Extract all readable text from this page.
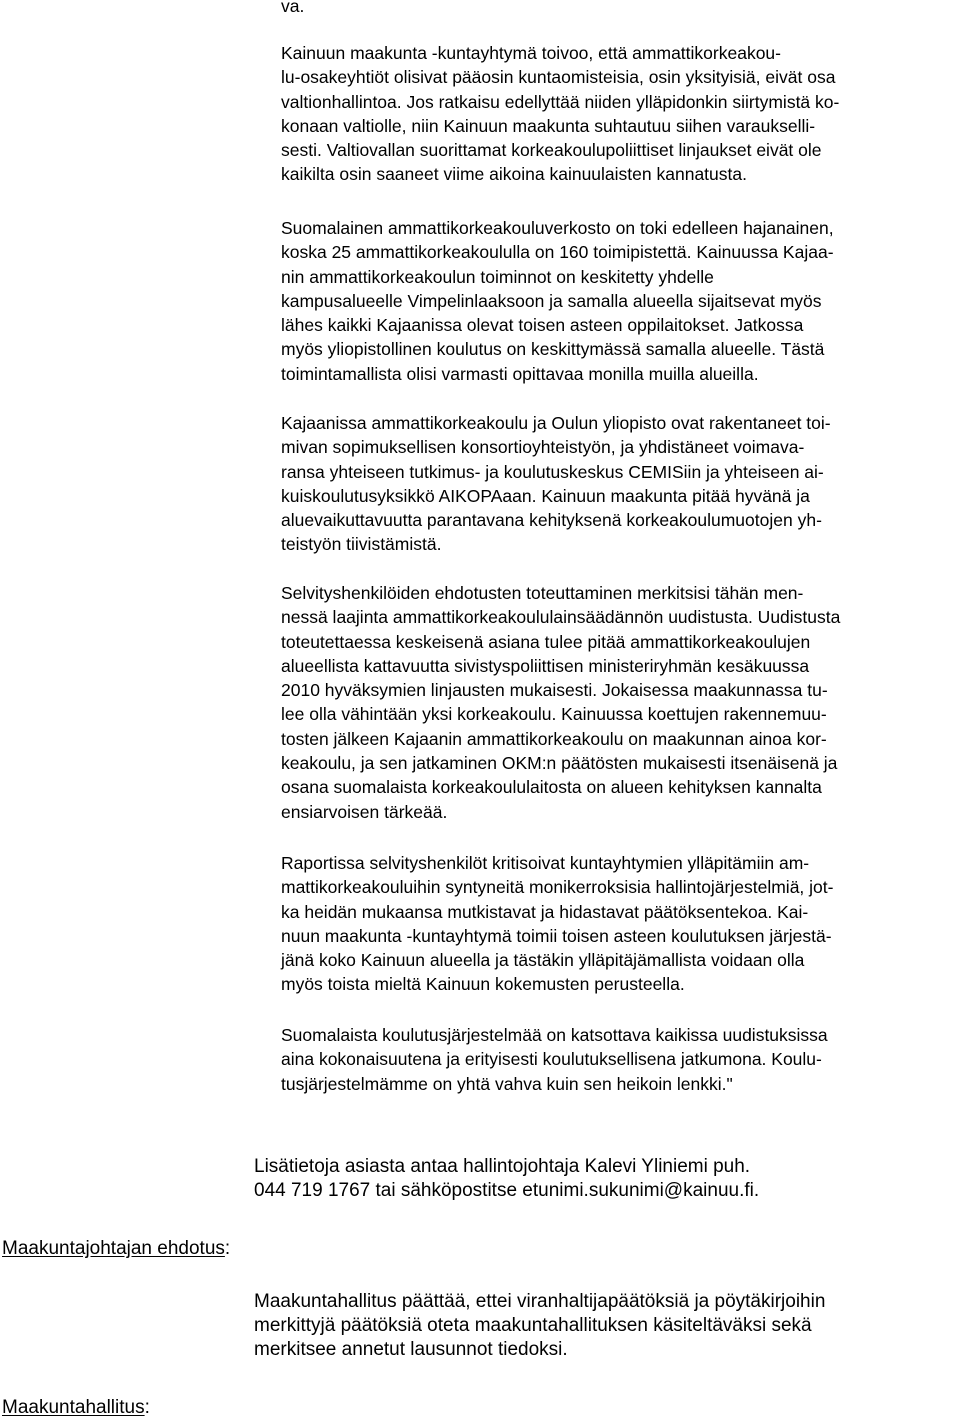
va.
Kainuun maakunta -kuntayhtymä toivoo, että ammattikorkeakou-
lu-osakeyhtiöt olisivat pääosin kuntaomisteisia, osin yksityisiä, eivät osa
valtionhallintoa. Jos ratkaisu edellyttää niiden ylläpidonkin siirtymistä ko-
konaan valtiolle, niin Kainuun maakunta suhtautuu siihen varaukselli-
sesti. Valtiovallan suorittamat korkeakoulupoliittiset linjaukset eivät ole
kaikilta osin saaneet viime aikoina kainuulaisten kannatusta.
Suomalainen ammattikorkeakouluverkosto on toki edelleen hajanainen,
koska 25 ammattikorkeakoululla on 160 toimipistettä. Kainuussa Kajaa-
nin ammattikorkeakoulun toiminnot on keskitetty yhdelle
kampusalueelle Vimpelinlaaksoon ja samalla alueella sijaitsevat myös
lähes kaikki Kajaanissa olevat toisen asteen oppilaitokset. Jatkossa
myös yliopistollinen koulutus on keskittymässä samalla alueelle. Tästä
toimintamallista olisi varmasti opittavaa monilla muilla alueilla.
Kajaanissa ammattikorkeakoulu ja Oulun yliopisto ovat rakentaneet toi-
mivan sopimuksellisen konsortioyhteistyön, ja yhdistäneet voimava-
ransa yhteiseen tutkimus- ja koulutuskeskus CEMISiin ja yhteiseen ai-
kuiskoulutusyksikkö AIKOPAaan. Kainuun maakunta pitää hyvänä ja
aluevaikuttavuutta parantavana kehityksenä korkeakoulumuotojen yh-
teistyön tiivistämistä.
Selvityshenkilöiden ehdotusten toteuttaminen merkitsisi tähän men-
nessä laajinta ammattikorkeakoululainsäädännön uudistusta. Uudistusta
toteutettaessa keskeisenä asiana tulee pitää ammattikorkeakoulujen
alueellista kattavuutta sivistyspoliittisen ministeriryhmän kesäkuussa
2010 hyväksymien linjausten mukaisesti. Jokaisessa maakunnassa tu-
lee olla vähintään yksi korkeakoulu. Kainuussa koettujen rakennemuu-
tosten jälkeen Kajaanin ammattikorkeakoulu on maakunnan ainoa kor-
keakoulu, ja sen jatkaminen OKM:n päätösten mukaisesti itsenäisenä ja
osana suomalaista korkeakoululaitosta on alueen kehityksen kannalta
ensiarvoisen tärkeää.
Raportissa selvityshenkilöt kritisoivat kuntayhtymien ylläpitämiin am-
mattikorkeakouluihin syntyneitä monikerroksisia hallintojärjestelmiä, jot-
ka heidän mukaansa mutkistavat ja hidastavat päätöksentekoa. Kai-
nuun maakunta -kuntayhtymä toimii toisen asteen koulutuksen järjestä-
jänä koko Kainuun alueella ja tästäkin ylläpitäjämallista voidaan olla
myös toista mieltä Kainuun kokemusten perusteella.
Suomalaista koulutusjärjestelmää on katsottava kaikissa uudistuksissa
aina kokonaisuutena ja erityisesti koulutuksellisena jatkumona. Koulu-
tusjärjestelmämme on yhtä vahva kuin sen heikoin lenkki."
Lisätietoja asiasta antaa hallintojohtaja Kalevi Yliniemi puh.
044 719 1767 tai sähköpostitse etunimi.sukunimi@kainuu.fi.
Maakuntajohtajan ehdotus:
Maakuntahallitus päättää, ettei viranhaltijapäätöksiä ja pöytäkirjoihin
merkittyjä päätöksiä oteta maakuntahallituksen käsiteltäväksi sekä
merkitsee annetut lausunnot tiedoksi.
Maakuntahallitus:
